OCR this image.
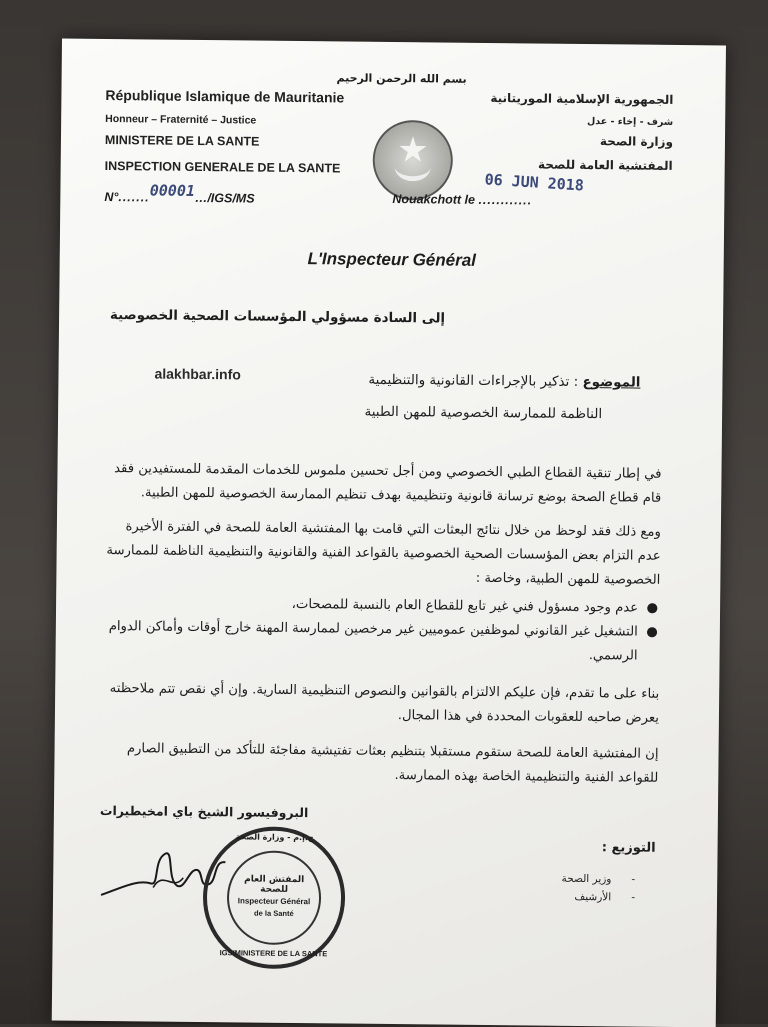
بسم الله الرحمن الرحيم
République Islamique de Mauritanie
Honneur – Fraternité – Justice
MINISTERE DE LA SANTE
INSPECTION GENERALE DE LA SANTE
الجمهورية الإسلامية الموريتانية
شرف - إخاء - عدل
وزارة الصحة
المفتشية العامة للصحة
N°.......00001…/IGS/MS	Nouakchott le ............
06 JUN 2018
L'Inspecteur Général
إلى السادة مسؤولي المؤسسات الصحية الخصوصية
alakhbar.info	الموضوع : تذكير بالإجراءات القانونية والتنظيمية
الناظمة للممارسة الخصوصية للمهن الطبية
في إطار تنقية القطاع الطبي الخصوصي ومن أجل تحسين ملموس للخدمات المقدمة للمستفيدين فقد قام قطاع الصحة بوضع ترسانة قانونية وتنظيمية بهدف تنظيم الممارسة الخصوصية للمهن الطبية.
ومع ذلك فقد لوحظ من خلال نتائج البعثات التي قامت بها المفتشية العامة للصحة في الفترة الأخيرة عدم التزام بعض المؤسسات الصحية الخصوصية بالقواعد الفنية والقانونية والتنظيمية الناظمة للممارسة الخصوصية للمهن الطبية، وخاصة :
●
عدم وجود مسؤول فني غير تابع للقطاع العام بالنسبة للمصحات،
●
التشغيل غير القانوني لموظفين عموميين غير مرخصين لممارسة المهنة خارج أوقات وأماكن الدوام الرسمي.
بناء على ما تقدم، فإن عليكم الالتزام بالقوانين والنصوص التنظيمية السارية. وإن أي نقص تتم ملاحظته يعرض صاحبه للعقوبات المحددة في هذا المجال.
إن المفتشية العامة للصحة ستقوم مستقبلا بتنظيم بعثات تفتيشية مفاجئة للتأكد من التطبيق الصارم للقواعد الفنية والتنظيمية الخاصة بهذه الممارسة.
البروفيسور الشيخ باي امخيطيرات
التوزيع :
-      وزير الصحة
-      الأرشيف
المفتش العام للصحة
Inspecteur Général
de la Santé
ج.إ.م - وزارة الصحة
IGS/MINISTERE DE LA SANTE
